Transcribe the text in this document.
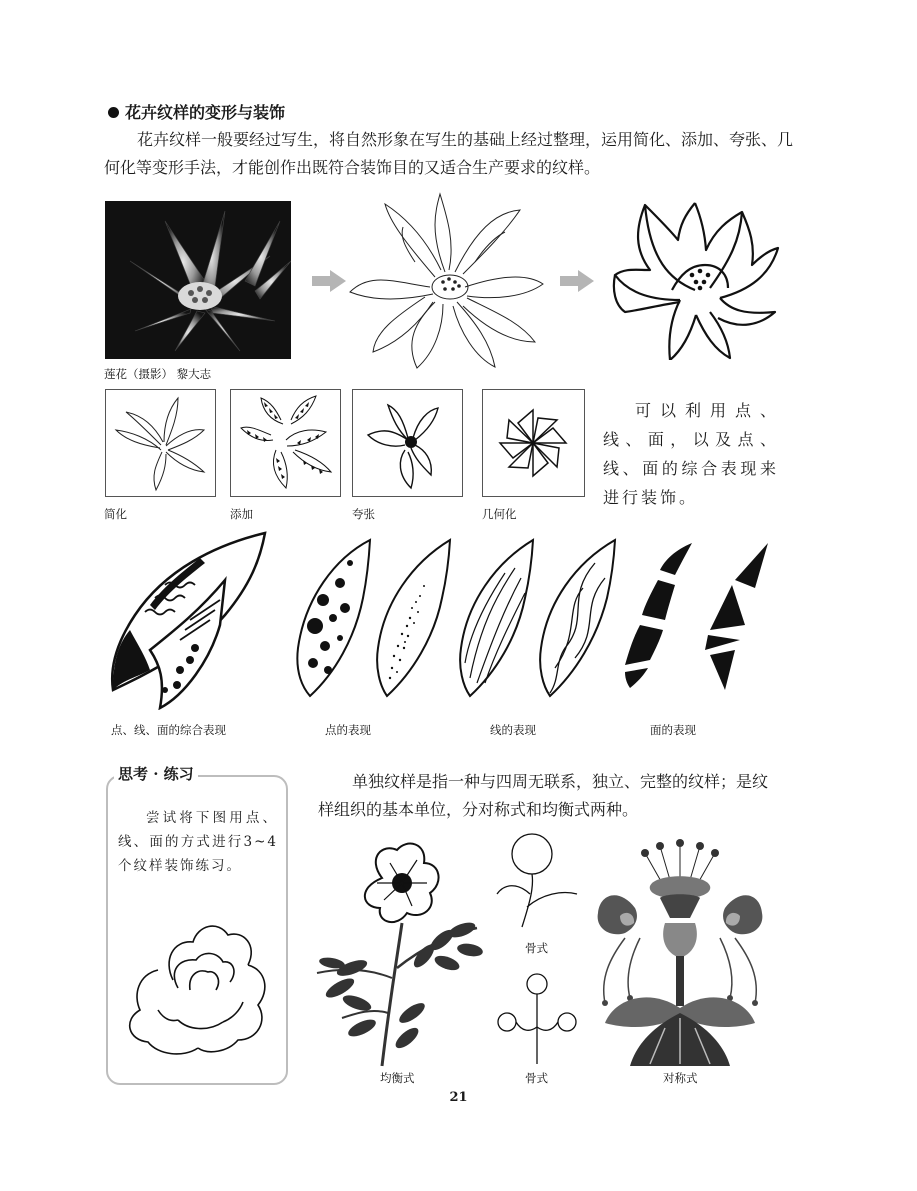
花卉纹样的变形与装饰
花卉纹样一般要经过写生，将自然形象在写生的基础上经过整理，运用简化、添加、夸张、几何化等变形手法，才能创作出既符合装饰目的又适合生产要求的纹样。
莲花（摄影） 黎大志
简化	添加	夸张	几何化
可以利用点、线、面，以及点、线、面的综合表现来进行装饰。
点、线、面的综合表现	点的表现	线的表现	面的表现
思考 · 练习
尝试将下图用点、线、面的方式进行3~4个纹样装饰练习。
单独纹样是指一种与四周无联系，独立、完整的纹样；是纹样组织的基本单位，分对称式和均衡式两种。
骨式
骨式
均衡式	对称式
21
